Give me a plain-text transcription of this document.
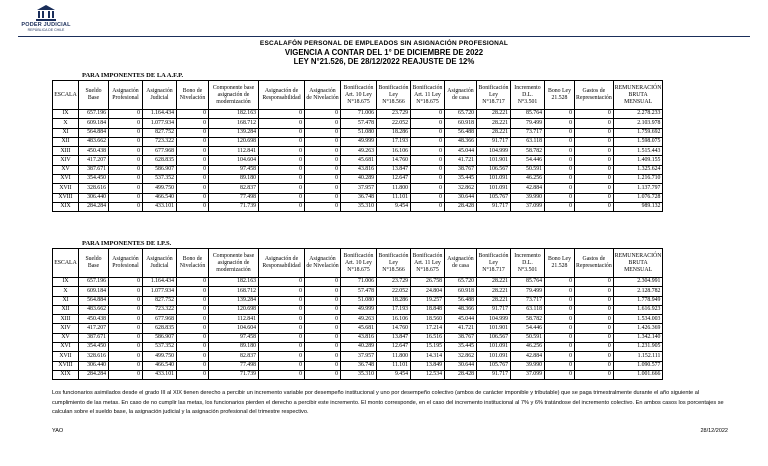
PODER JUDICIAL
REPÚBLICA DE CHILE
ESCALAFÓN PERSONAL DE EMPLEADOS SIN ASIGNACIÓN PROFESIONAL
VIGENCIA A CONTAR DEL 1° DE DICIEMBRE DE 2022
LEY N°21.526, DE 28/12/2022 REAJUSTE DE 12%
PARA IMPONENTES DE LA A.F.P.
ESCALA	Sueldo Base	Asignación Profesional	Asignación Judicial	Bono de Nivelación	Componente base asignación de modernización	Asignación de Responsabilidad	Asignación de Nivelación	Bonificación Art. 10 Ley N°18.675	Bonificación Ley N°18.566	Bonificación Art. 11 Ley N°18.675	Asignación de casa	Bonificación Ley N°18.717	Incremento D.L. N°3.501	Bono Ley 21.528	Gastos de Representación	REMUNERACIÓN BRUTA MENSUAL
IX	657.196	0	1.164.434	0	182.163	0	0	71.006	23.729	0	65.720	28.221	85.764	0	0	2.278.233
X	609.184	0	1.077.934	0	168.712	0	0	57.478	22.052	0	60.918	28.221	79.499	0	0	2.103.978
XI	564.884	0	827.752	0	139.284	0	0	51.080	18.286	0	56.488	28.221	73.717	0	0	1.759.692
XII	483.662	0	723.322	0	120.698	0	0	49.999	17.193	0	48.366	91.717	63.118	0	0	1.598.075
XIII	450.438	0	677.968	0	112.841	0	0	49.263	16.106	0	45.044	104.999	58.782	0	0	1.515.443
XIV	417.207	0	628.835	0	104.604	0	0	45.681	14.760	0	41.721	101.901	54.446	0	0	1.409.155
XV	387.671	0	586.907	0	97.458	0	0	43.816	13.847	0	38.767	106.567	50.591	0	0	1.325.624
XVI	354.450	0	537.352	0	89.180	0	0	40.289	12.647	0	35.445	101.091	46.256	0	0	1.216.710
XVII	328.616	0	499.750	0	82.837	0	0	37.957	11.800	0	32.862	101.091	42.884	0	0	1.137.797
XVIII	306.440	0	466.540	0	77.498	0	0	36.748	11.101	0	30.644	105.767	39.990	0	0	1.076.728
XIX	284.284	0	433.101	0	71.739	0	0	35.310	9.454	0	28.428	91.717	37.099	0	0	989.132
PARA IMPONENTES DE I.P.S.
ESCALA	Sueldo Base	Asignación Profesional	Asignación Judicial	Bono de Nivelación	Componente base asignación de modernización	Asignación de Responsabilidad	Asignación de Nivelación	Bonificación Art. 10 Ley N°18.675	Bonificación Ley N°18.566	Bonificación Art. 11 Ley N°18.675	Asignación de casa	Bonificación Ley N°18.717	Incremento D.L. N°3.501	Bono Ley 21.528	Gastos de Representación	REMUNERACIÓN BRUTA MENSUAL
IX	657.196	0	1.164.434	0	182.163	0	0	71.006	23.729	26.758	65.720	28.221	85.764	0	0	2.304.991
X	609.184	0	1.077.934	0	168.712	0	0	57.478	22.052	24.804	60.918	28.221	79.499	0	0	2.128.782
XI	564.884	0	827.752	0	139.284	0	0	51.080	18.286	19.257	56.488	28.221	73.717	0	0	1.778.949
XII	483.662	0	723.322	0	120.698	0	0	49.999	17.193	18.848	48.366	91.717	63.118	0	0	1.616.923
XIII	450.438	0	677.968	0	112.841	0	0	49.263	16.106	18.560	45.044	104.999	58.782	0	0	1.534.003
XIV	417.207	0	628.835	0	104.604	0	0	45.681	14.760	17.214	41.721	101.901	54.446	0	0	1.426.369
XV	387.671	0	586.907	0	97.458	0	0	43.816	13.847	16.516	38.767	106.567	50.591	0	0	1.342.140
XVI	354.450	0	537.352	0	89.180	0	0	40.289	12.647	15.195	35.445	101.091	46.256	0	0	1.231.905
XVII	328.616	0	499.750	0	82.837	0	0	37.957	11.800	14.314	32.862	101.091	42.884	0	0	1.152.111
XVIII	306.440	0	466.540	0	77.498	0	0	36.748	11.101	13.849	30.644	105.767	39.990	0	0	1.090.577
XIX	284.284	0	433.101	0	71.739	0	0	35.310	9.454	12.534	28.428	91.717	37.099	0	0	1.001.666
Los funcionarios asimilados desde el grado III al XIX tienen derecho a percibir un incremento variable por desempeño institucional y uno por desempeño colectivo (ambos de carácter imponible y tributable) que se paga trimestralmente durante el año siguiente al cumplimiento de las metas. En caso de no cumplir las metas, los funcionarios pierden el derecho a percibir este incremento. El monto corresponde, en el caso del incremento institucional al 7% y 6% tratándose del incremento colectivo. En ambos casos los porcentajes se calculan sobre el sueldo base, la asignación judicial y la asignación profesional del trimestre respectivo.
YAO	28/12/2022
